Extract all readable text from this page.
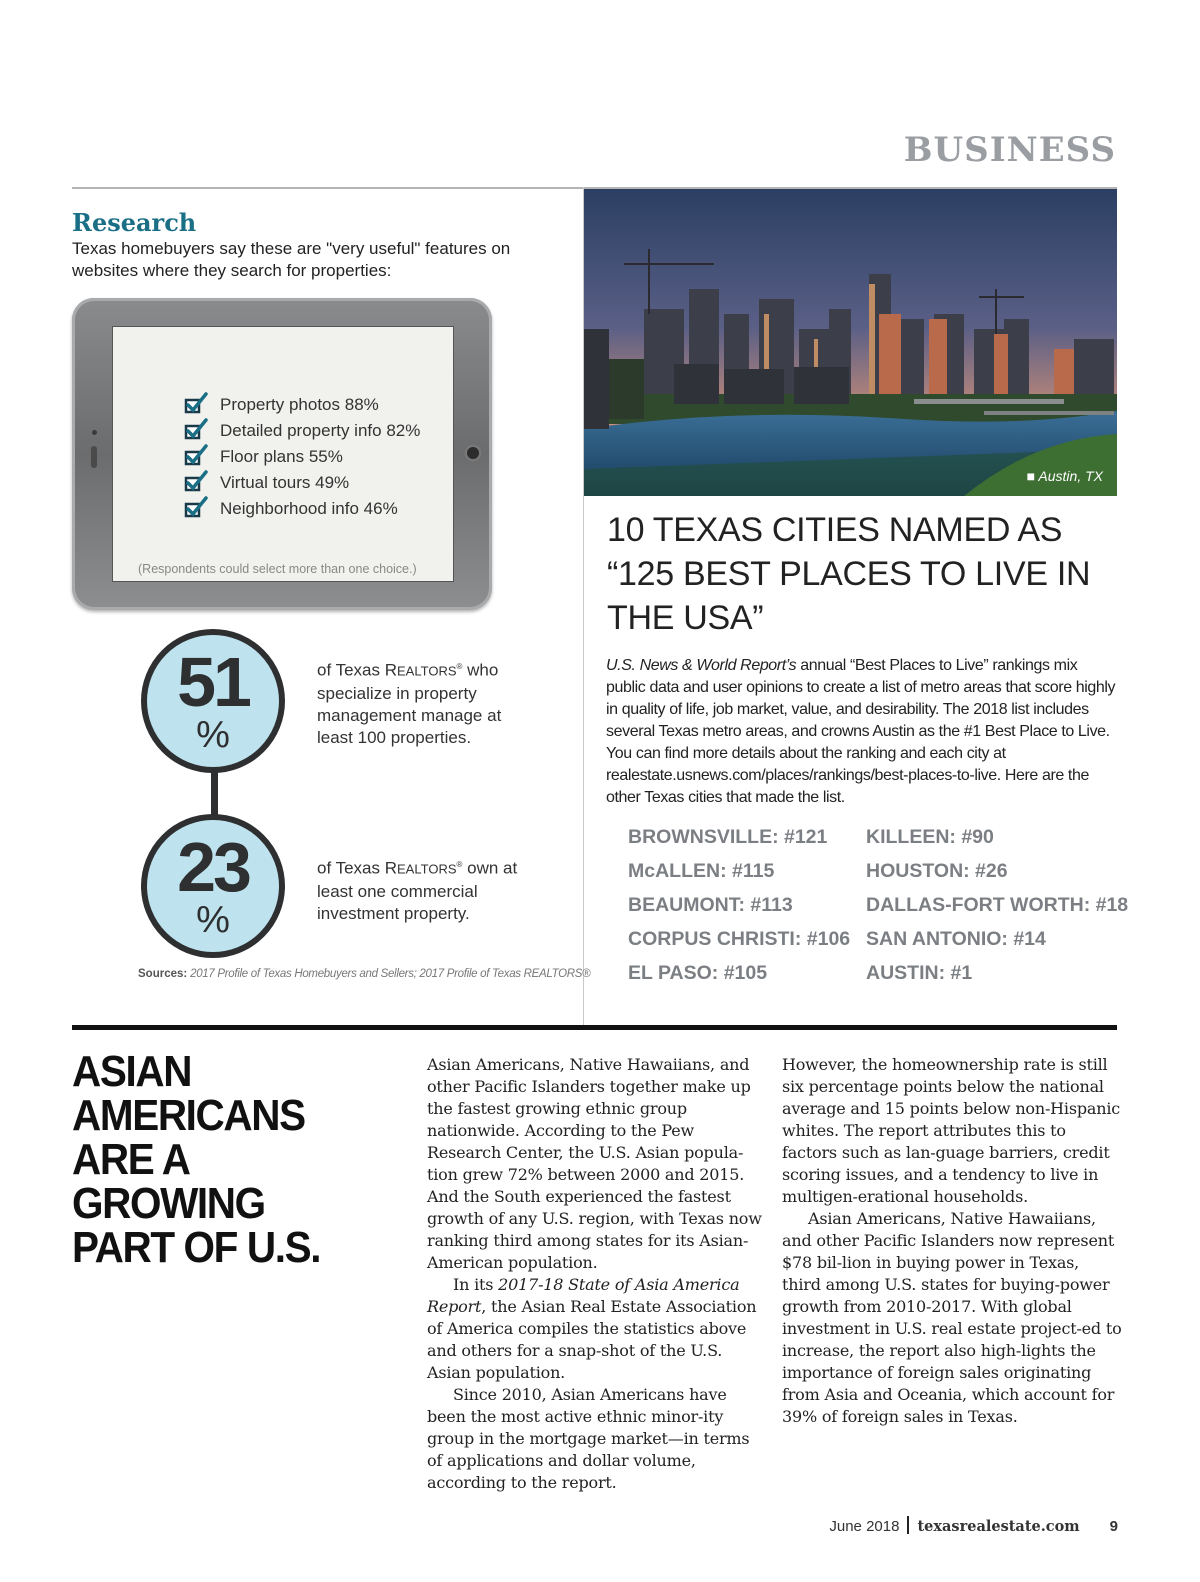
BUSINESS
Research
Texas homebuyers say these are "very useful" features on websites where they search for properties:
Property photos 88%
Detailed property info 82%
Floor plans 55%
Virtual tours 49%
Neighborhood info 46%
(Respondents could select more than one choice.)
51
%
23
%
of Texas REALTORS® who specialize in property management manage at least 100 properties.
of Texas REALTORS® own at least one commercial investment property.
Sources: 2017 Profile of Texas Homebuyers and Sellers; 2017 Profile of Texas REALTORS®
■ Austin, TX
10 TEXAS CITIES NAMED AS “125 BEST PLACES TO LIVE IN THE USA”
U.S. News & World Report’s annual “Best Places to Live” rankings mix public data and user opinions to create a list of metro areas that score highly in quality of life, job market, value, and desirability. The 2018 list includes several Texas metro areas, and crowns Austin as the #1 Best Place to Live. You can find more details about the ranking and each city at realestate.usnews.com/places/rankings/best-places-to-live. Here are the other Texas cities that made the list.
BROWNSVILLE: #121	KILLEEN: #90
McALLEN: #115	HOUSTON: #26
BEAUMONT: #113	DALLAS-FORT WORTH: #18
CORPUS CHRISTI: #106 SAN ANTONIO: #14
EL PASO: #105	AUSTIN: #1
ASIAN AMERICANS ARE A GROWING PART OF U.S.

Asian Americans, Native Hawaiians, and other Pacific Islanders together make up the fastest growing ethnic group nationwide. According to the Pew Research Center, the U.S. Asian popula-tion grew 72% between 2000 and 2015. And the South experienced the fastest growth of any U.S. region, with Texas now ranking third among states for its Asian-American population.

In its 2017-18 State of Asia America Report, the Asian Real Estate Association of America compiles the statistics above and others for a snap-shot of the U.S. Asian population.

Since 2010, Asian Americans have been the most active ethnic minor-ity group in the mortgage market—in terms of applications and dollar volume, according to the report.

However, the homeownership rate is still six percentage points below the national average and 15 points below non-Hispanic whites. The report attributes this to factors such as lan-guage barriers, credit scoring issues, and a tendency to live in multigen-erational households.

Asian Americans, Native Hawaiians, and other Pacific Islanders now represent $78 bil-lion in buying power in Texas, third among U.S. states for buying-power growth from 2010-2017. With global investment in U.S. real estate project-ed to increase, the report also high-lights the importance of foreign sales originating from Asia and Oceania, which account for 39% of foreign sales in Texas.

June 2018 texasrealestate.com 9
